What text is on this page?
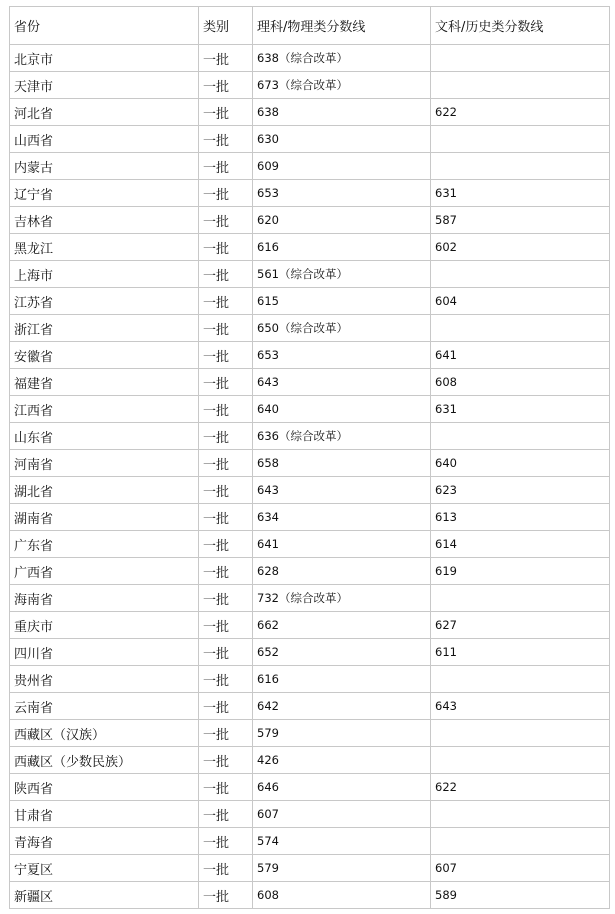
省份	类别	理科/物理类分数线	文科/历史类分数线
北京市	一批	638（综合改革）	
天津市	一批	673（综合改革）	
河北省	一批	638	622
山西省	一批	630	
内蒙古	一批	609	
辽宁省	一批	653	631
吉林省	一批	620	587
黑龙江	一批	616	602
上海市	一批	561（综合改革）	
江苏省	一批	615	604
浙江省	一批	650（综合改革）	
安徽省	一批	653	641
福建省	一批	643	608
江西省	一批	640	631
山东省	一批	636（综合改革）	
河南省	一批	658	640
湖北省	一批	643	623
湖南省	一批	634	613
广东省	一批	641	614
广西省	一批	628	619
海南省	一批	732（综合改革）	
重庆市	一批	662	627
四川省	一批	652	611
贵州省	一批	616	
云南省	一批	642	643
西藏区（汉族）	一批	579	
西藏区（少数民族）	一批	426	
陕西省	一批	646	622
甘肃省	一批	607	
青海省	一批	574	
宁夏区	一批	579	607
新疆区	一批	608	589
